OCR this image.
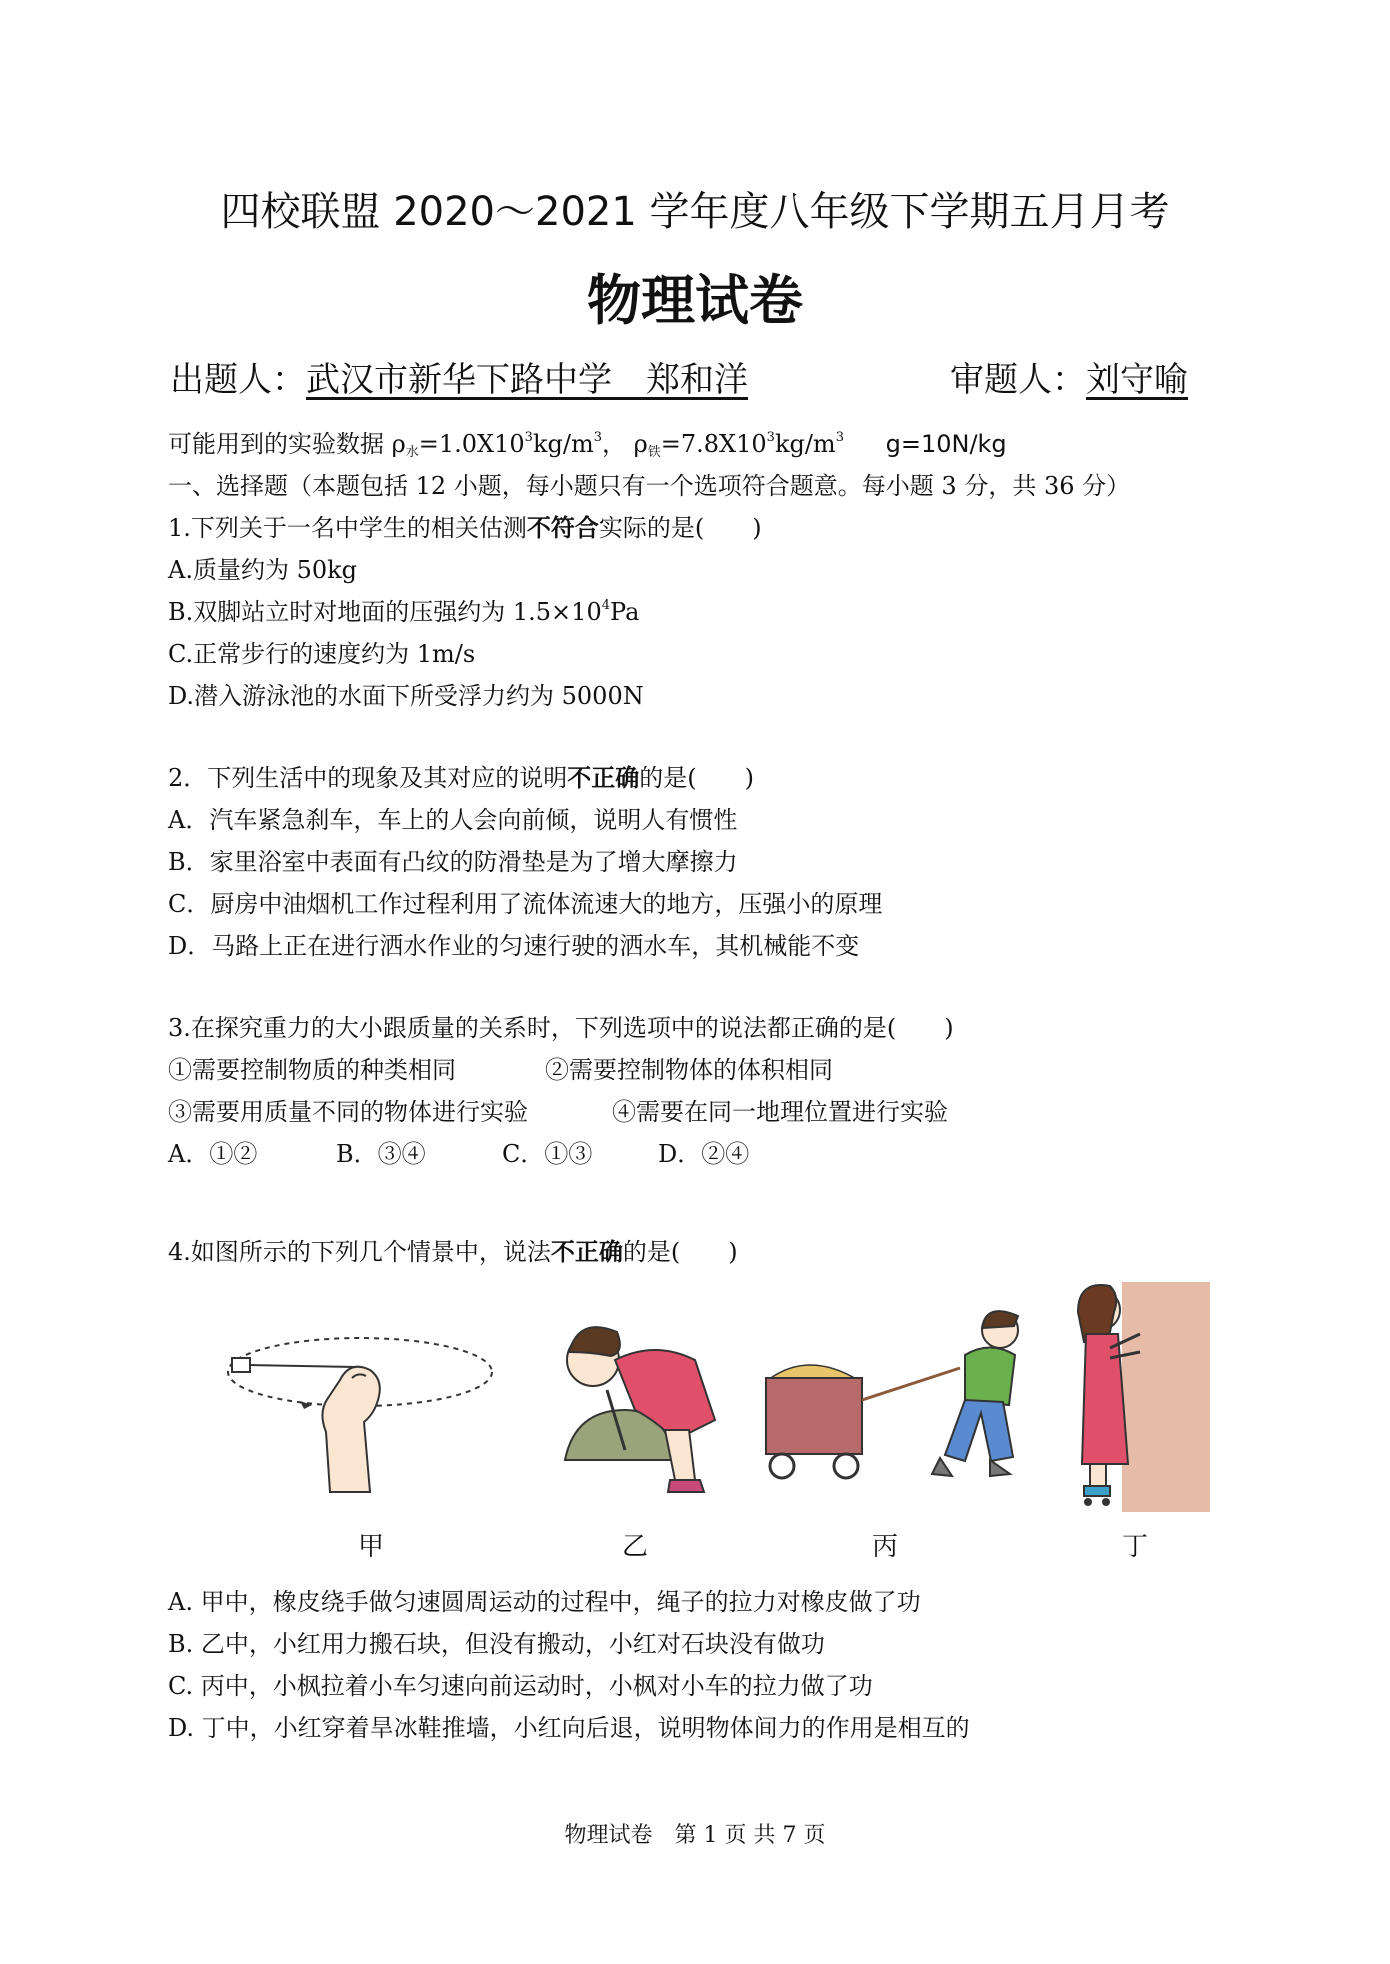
四校联盟 2020～2021 学年度八年级下学期五月月考
物理试卷
出题人：武汉市新华下路中学　郑和洋	审题人：刘守喻
可能用到的实验数据 $\rho_水=1.0X10^3kg/m^3$， $\rho_铁=7.8X10^3kg/m^3$ g=10N/kg
一、选择题（本题包括 12 小题，每小题只有一个选项符合题意。每小题 3 分，共 36 分）
1.下列关于一名中学生的相关估测不符合实际的是(　　)
A.质量约为 50kg
B.双脚站立时对地面的压强约为 $1.5\times 10^4Pa$
C.正常步行的速度约为 1m/s
D.潜入游泳池的水面下所受浮力约为 5000N
2．下列生活中的现象及其对应的说明不正确的是(　　)
A．汽车紧急刹车，车上的人会向前倾，说明人有惯性
B．家里浴室中表面有凸纹的防滑垫是为了增大摩擦力
C．厨房中油烟机工作过程利用了流体流速大的地方，压强小的原理
D．马路上正在进行洒水作业的匀速行驶的洒水车，其机械能不变
3.在探究重力的大小跟质量的关系时，下列选项中的说法都正确的是(　　)
①需要控制物质的种类相同	②需要控制物体的体积相同
③需要用质量不同的物体进行实验	④需要在同一地理位置进行实验
A．①②	B．③④	C．①③	D．②④
4.如图所示的下列几个情景中，说法不正确的是(　　)
甲	乙	丙	丁
A. 甲中，橡皮绕手做匀速圆周运动的过程中，绳子的拉力对橡皮做了功
B. 乙中，小红用力搬石块，但没有搬动，小红对石块没有做功
C. 丙中，小枫拉着小车匀速向前运动时，小枫对小车的拉力做了功
D. 丁中，小红穿着旱冰鞋推墙，小红向后退，说明物体间力的作用是相互的
物理试卷　第 1 页 共 7 页
